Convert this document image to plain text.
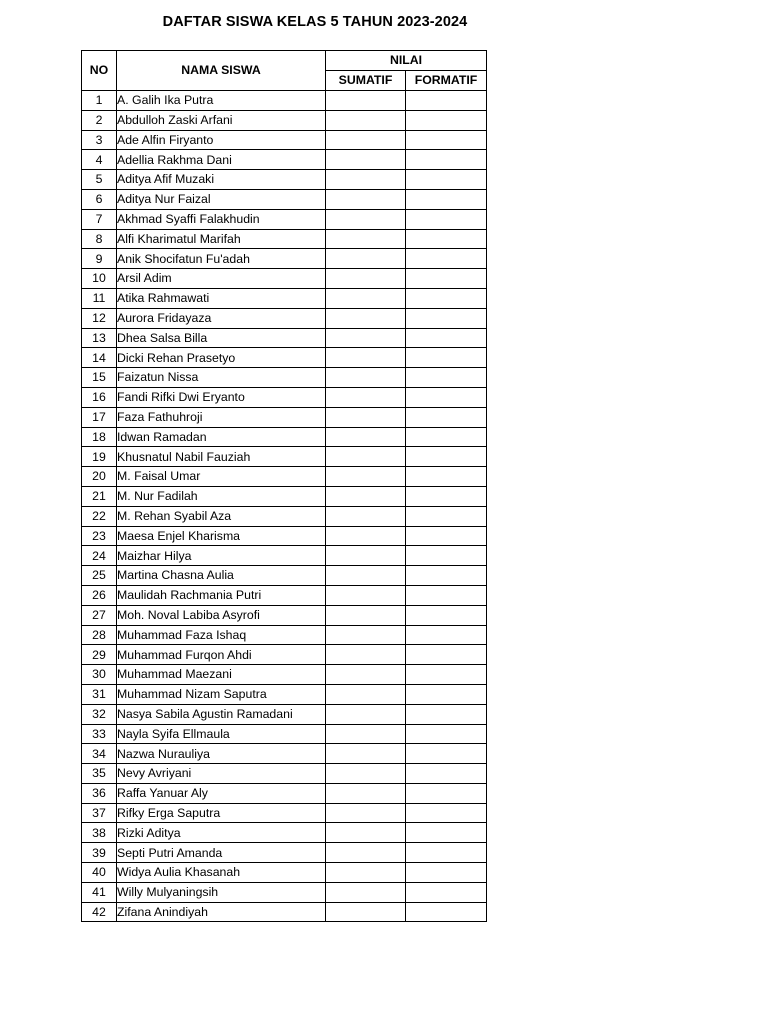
DAFTAR SISWA KELAS 5 TAHUN 2023-2024
NO	NAMA SISWA	NILAI	
		SUMATIF	FORMATIF
1	A. Galih Ika Putra		
2	Abdulloh Zaski Arfani		
3	Ade Alfin Firyanto		
4	Adellia Rakhma Dani		
5	Aditya Afif Muzaki		
6	Aditya Nur Faizal		
7	Akhmad Syaffi Falakhudin		
8	Alfi Kharimatul Marifah		
9	Anik Shocifatun Fu'adah		
10	Arsil Adim		
11	Atika Rahmawati		
12	Aurora Fridayaza		
13	Dhea Salsa Billa		
14	Dicki Rehan Prasetyo		
15	Faizatun Nissa		
16	Fandi Rifki Dwi Eryanto		
17	Faza Fathuhroji		
18	Idwan Ramadan		
19	Khusnatul Nabil Fauziah		
20	M. Faisal Umar		
21	M. Nur Fadilah		
22	M. Rehan Syabil Aza		
23	Maesa Enjel Kharisma		
24	Maizhar Hilya		
25	Martina Chasna Aulia		
26	Maulidah Rachmania Putri		
27	Moh. Noval Labiba Asyrofi		
28	Muhammad Faza Ishaq		
29	Muhammad Furqon Ahdi		
30	Muhammad Maezani		
31	Muhammad Nizam Saputra		
32	Nasya Sabila Agustin Ramadani		
33	Nayla Syifa Ellmaula		
34	Nazwa Nurauliya		
35	Nevy Avriyani		
36	Raffa Yanuar Aly		
37	Rifky Erga Saputra		
38	Rizki Aditya		
39	Septi Putri Amanda		
40	Widya Aulia Khasanah		
41	Willy Mulyaningsih		
42	Zifana Anindiyah		
